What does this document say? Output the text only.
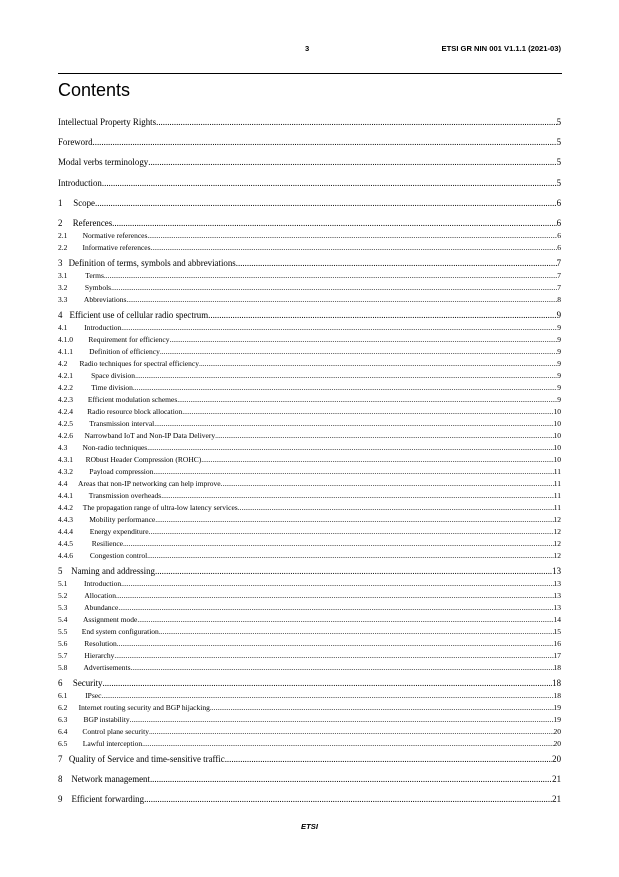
3	ETSI GR NIN 001 V1.1.1 (2021-03)
Contents
Intellectual Property Rights .....	5
Foreword .....	5
Modal verbs terminology .....	5
Introduction .....	5
1	Scope .....	6
2	References .....	6
2.1	Normative references .....	6
2.2	Informative references .....	6
3 Definition of terms, symbols and abbreviations .....	7
3.1	Terms .....	7
3.2	Symbols .....	7
3.3	Abbreviations .....	8
4 Efficient use of cellular radio spectrum .....	9
4.1	Introduction .....	9
4.1.0	Requirement for efficiency .....	9
4.1.1	Definition of efficiency .....	9
4.2	Radio techniques for spectral efficiency .....	9
4.2.1	Space division .....	9
4.2.2	Time division .....	9
4.2.3	Efficient modulation schemes .....	9
4.2.4	Radio resource block allocation .....	10
4.2.5	Transmission interval .....	10
4.2.6	Narrowband IoT and Non-IP Data Delivery .....	10
4.3	Non-radio techniques .....	10
4.3.1	RObust Header Compression (ROHC) .....	10
4.3.2	Payload compression .....	11
4.4	Areas that non-IP networking can help improve .....	11
4.4.1	Transmission overheads .....	11
4.4.2	The propagation range of ultra-low latency services .....	11
4.4.3	Mobility performance .....	12
4.4.4	Energy expenditure .....	12
4.4.5	Resilience .....	12
4.4.6	Congestion control .....	12
5 Naming and addressing .....	13
5.1	Introduction .....	13
5.2	Allocation .....	13
5.3	Abundance .....	13
5.4	Assignment mode .....	14
5.5	End system configuration .....	15
5.6	Resolution .....	16
5.7	Hierarchy .....	17
5.8	Advertisements .....	18
6	Security .....	18
6.1	IPsec .....	18
6.2	Internet routing security and BGP hijacking .....	19
6.3	BGP instability .....	19
6.4	Control plane security .....	20
6.5	Lawful interception .....	20
7 Quality of Service and time-sensitive traffic .....	20
8 Network management .....	21
9	Efficient forwarding .....	21
ETSI
